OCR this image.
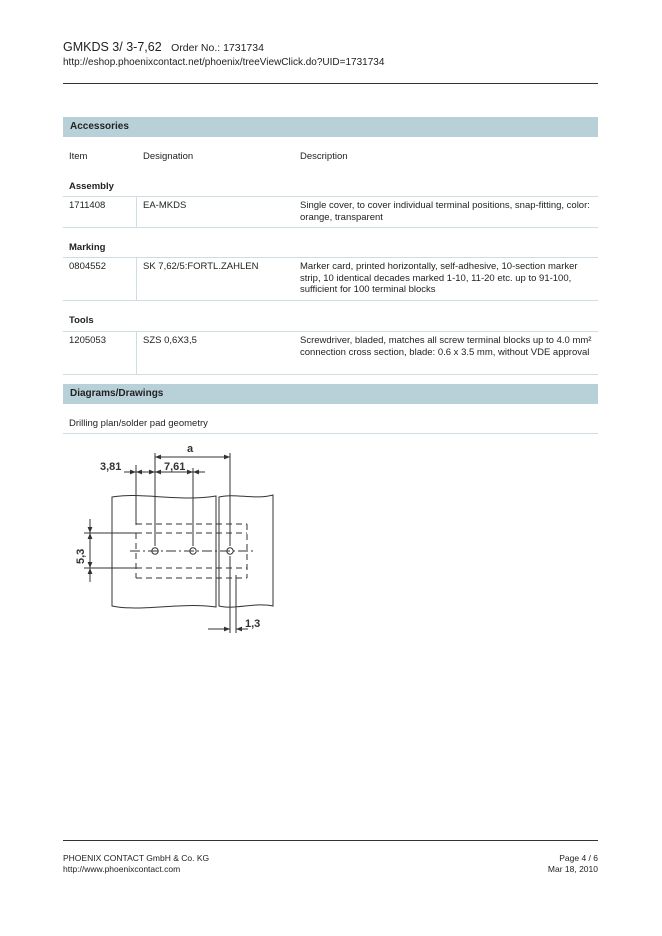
GMKDS 3/ 3-7,62 Order No.: 1731734
http://eshop.phoenixcontact.net/phoenix/treeViewClick.do?UID=1731734
Accessories
Item	Designation	Description
Assembly
1711408	EA-MKDS	Single cover, to cover individual terminal positions, snap-fitting, color: orange, transparent
Marking
0804552	SK 7,62/5:FORTL.ZAHLEN	Marker card, printed horizontally, self-adhesive, 10-section marker strip, 10 identical decades marked 1-10, 11-20 etc. up to 91-100, sufficient for 100 terminal blocks
Tools
1205053	SZS 0,6X3,5	Screwdriver, bladed, matches all screw terminal blocks up to 4.0 mm² connection cross section, blade: 0.6 x 3.5 mm, without VDE approval
Diagrams/Drawings
Drilling plan/solder pad geometry
a
3,81	7,61
5,3
1,3
PHOENIX CONTACT GmbH & Co. KG
http://www.phoenixcontact.com
Page 4 / 6
Mar 18, 2010
